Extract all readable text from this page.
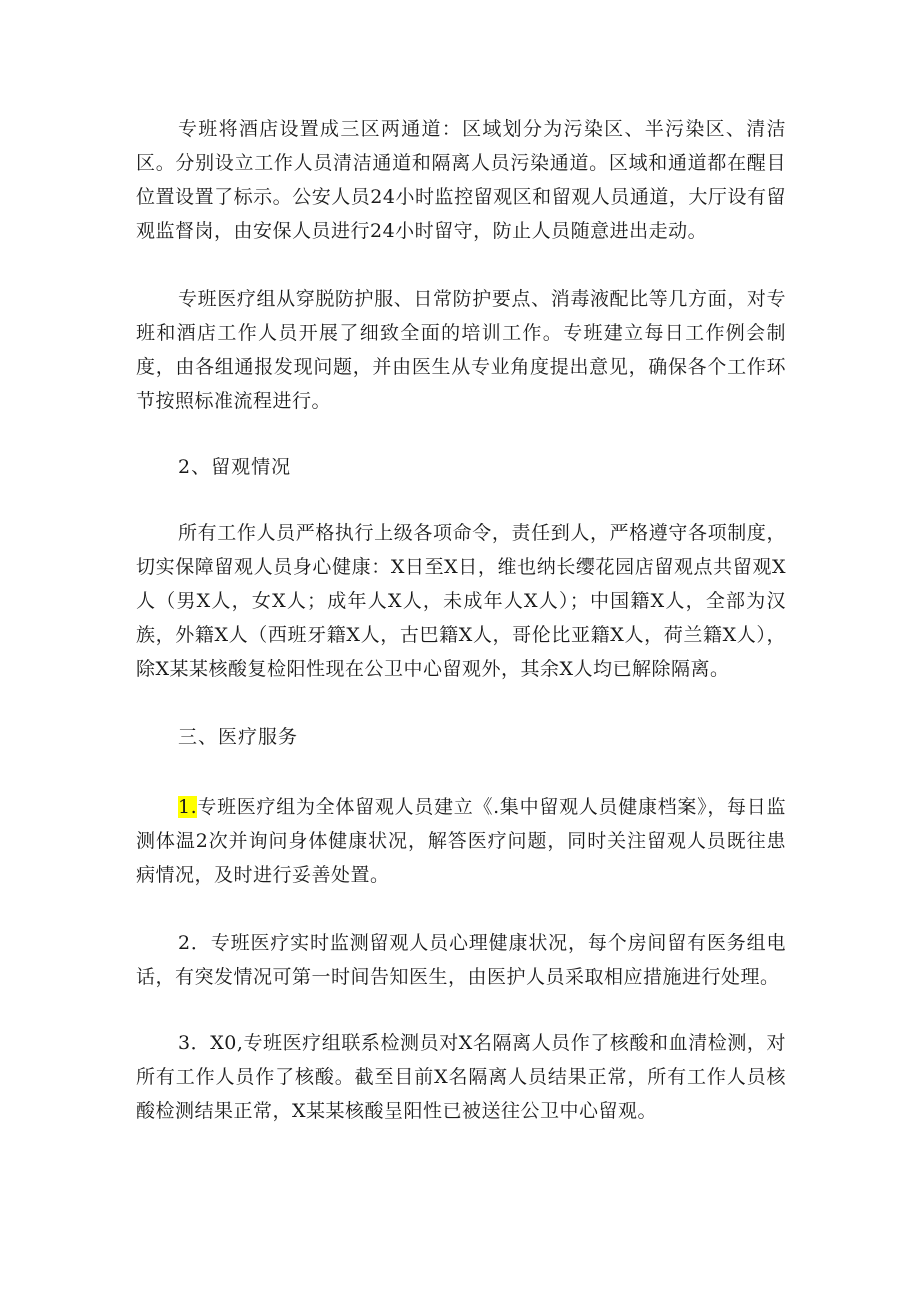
专班将酒店设置成三区两通道：区域划分为污染区、半污染区、清洁区。分别设立工作人员清洁通道和隔离人员污染通道。区域和通道都在醒目位置设置了标示。公安人员24小时监控留观区和留观人员通道，大厅设有留观监督岗，由安保人员进行24小时留守，防止人员随意进出走动。

专班医疗组从穿脱防护服、日常防护要点、消毒液配比等几方面，对专班和酒店工作人员开展了细致全面的培训工作。专班建立每日工作例会制度，由各组通报发现问题，并由医生从专业角度提出意见，确保各个工作环节按照标准流程进行。

2、留观情况

所有工作人员严格执行上级各项命令，责任到人，严格遵守各项制度，切实保障留观人员身心健康：X日至X日，维也纳长缨花园店留观点共留观X人（男X人，女X人；成年人X人，未成年人X人）；中国籍X人，全部为汉族，外籍X人（西班牙籍X人，古巴籍X人，哥伦比亚籍X人，荷兰籍X人），除X某某核酸复检阳性现在公卫中心留观外，其余X人均已解除隔离。

三、医疗服务

1.专班医疗组为全体留观人员建立《.集中留观人员健康档案》，每日监测体温2次并询问身体健康状况，解答医疗问题，同时关注留观人员既往患病情况，及时进行妥善处置。

2．专班医疗实时监测留观人员心理健康状况，每个房间留有医务组电话，有突发情况可第一时间告知医生，由医护人员采取相应措施进行处理。

3．X0,专班医疗组联系检测员对X名隔离人员作了核酸和血清检测，对所有工作人员作了核酸。截至目前X名隔离人员结果正常，所有工作人员核酸检测结果正常，X某某核酸呈阳性已被送往公卫中心留观。
